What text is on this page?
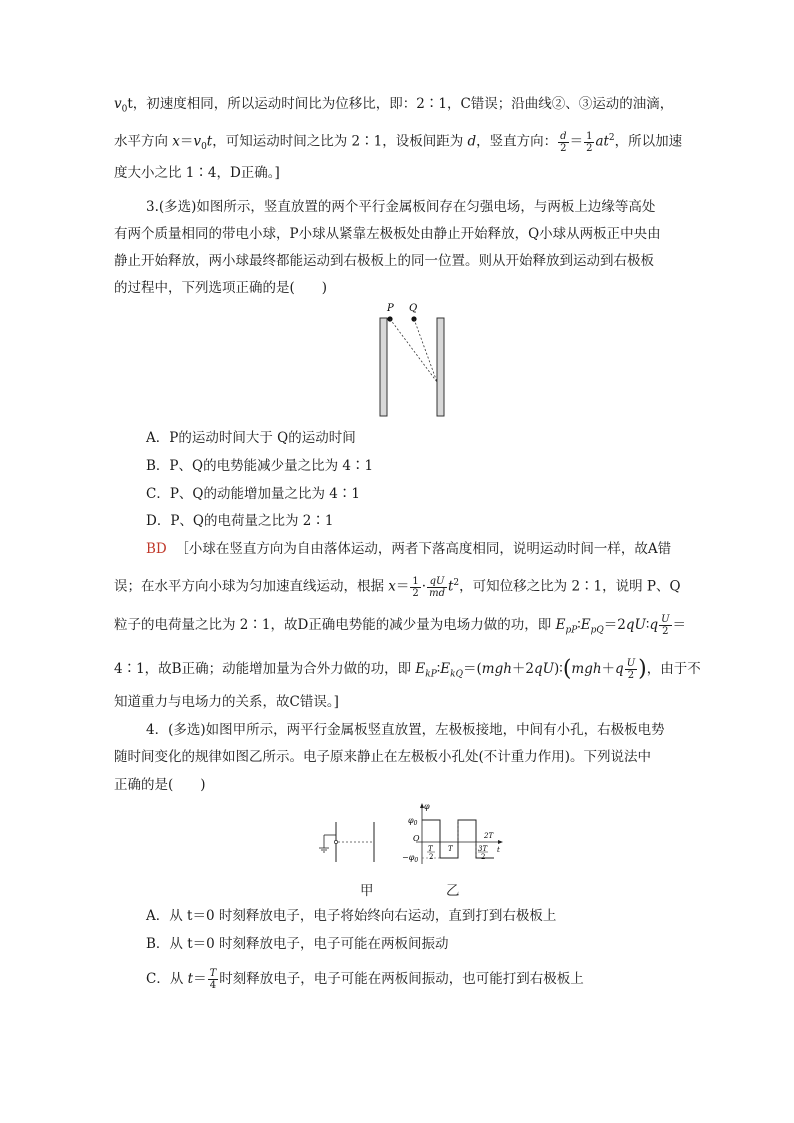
$v_0t$，初速度相同，所以运动时间比为位移比，即：2∶1，C错误；沿曲线②、③运动的油滴，
水平方向 $x=v_0t$，可知运动时间之比为 2∶1，设板间距为 d，竖直方向： $\frac{d}{2} = \frac{1}{2} at^2$，所以加速
度大小之比 1∶4，D正确。]
3.(多选)如图所示，竖直放置的两个平行金属板间存在匀强电场，与两板上边缘等高处
有两个质量相同的带电小球，P小球从紧靠左极板处由静止开始释放，Q小球从两板正中央由
静止开始释放，两小球最终都能运动到右极板上的同一位置。则从开始释放到运动到右极板
的过程中，下列选项正确的是(　　)
P Q
A．P的运动时间大于 Q的运动时间
B．P、Q的电势能减少量之比为 4∶1
C．P、Q的动能增加量之比为 4∶1
D．P、Q的电荷量之比为 2∶1
BD ［小球在竖直方向为自由落体运动，两者下落高度相同，说明运动时间一样，故A错
误；在水平方向小球为匀加速直线运动，根据 $x= \frac{1}{2} \cdot \frac{qU}{md} t^2$，可知位移之比为 2∶1，说明 P、Q
粒子的电荷量之比为 2∶1，故D正确电势能的减少量为电场力做的功，即 $E_{pP}∶E_{pQ}=2qU∶q \frac{U}{2}$ ＝
4∶1，故B正确；动能增加量为合外力做的功，即 $E_{kP}∶E_{kQ}=(mgh+2qU)∶(mgh+q \frac{U}{2}$ )，由于不
知道重力与电场力的关系，故C错误。]
4．(多选)如图甲所示，两平行金属板竖直放置，左极板接地，中间有小孔，右极板电势
随时间变化的规律如图乙所示。电子原来静止在左极板小孔处(不计重力作用)。下列说法中
正确的是(　　)
φ
$\varphi_0$
O
$-\varphi_0$
T
2
T	3T
2
2T
t
甲	乙
A．从 t＝0 时刻释放电子，电子将始终向右运动，直到打到右极板上
B．从 t＝0 时刻释放电子，电子可能在两板间振动
C．从 $t= \frac{T}{4}$ 时刻释放电子，电子可能在两板间振动，也可能打到右极板上
